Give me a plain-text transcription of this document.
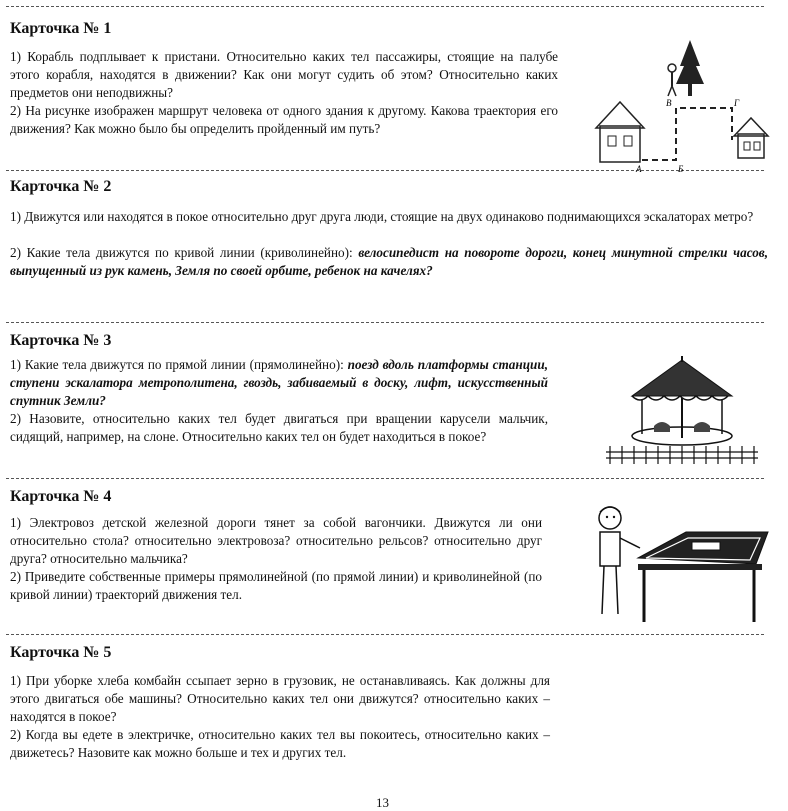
Карточка № 1
1) Корабль подплывает к пристани. Относительно каких тел пассажиры, стоящие на палубе этого корабля, находятся в движении? Как они могут судить об этом? Относительно каких предметов они неподвижны?
2) На рисунке изображен маршрут человека от одного здания к другому. Какова траектория его движения? Как можно было бы определить пройденный им путь?
А	Б
В	Г
Карточка № 2
1) Движутся или находятся в покое относительно друг друга люди, стоящие на двух одинаково поднимающихся эскалаторах метро?
2) Какие тела движутся по кривой линии (криволинейно): велосипедист на повороте дороги, конец минутной стрелки часов, выпущенный из рук камень, Земля по своей орбите, ребенок на качелях?
Карточка № 3
1) Какие тела движутся по прямой линии (прямолинейно): поезд вдоль платформы станции, ступени эскалатора метрополитена, гвоздь, забиваемый в доску, лифт, искусственный спутник Земли?
2) Назовите, относительно каких тел будет двигаться при вращении карусели мальчик, сидящий, например, на слоне. Относительно каких тел он будет находиться в покое?
Карточка № 4
1) Электровоз детской железной дороги тянет за собой вагончики. Движутся ли они относительно стола? относительно электровоза? относительно рельсов? относительно друг друга? относительно мальчика?
2) Приведите собственные примеры прямолинейной (по прямой линии) и криволинейной (по кривой линии) траекторий движения тел.
Карточка № 5
1) При уборке хлеба комбайн ссыпает зерно в грузовик, не останавливаясь. Как должны для этого двигаться обе машины? Относительно каких тел они движутся? относительно каких – находятся в покое?
2) Когда вы едете в электричке, относительно каких тел вы покоитесь, относительно каких – движетесь? Назовите как можно больше и тех и других тел.
13
